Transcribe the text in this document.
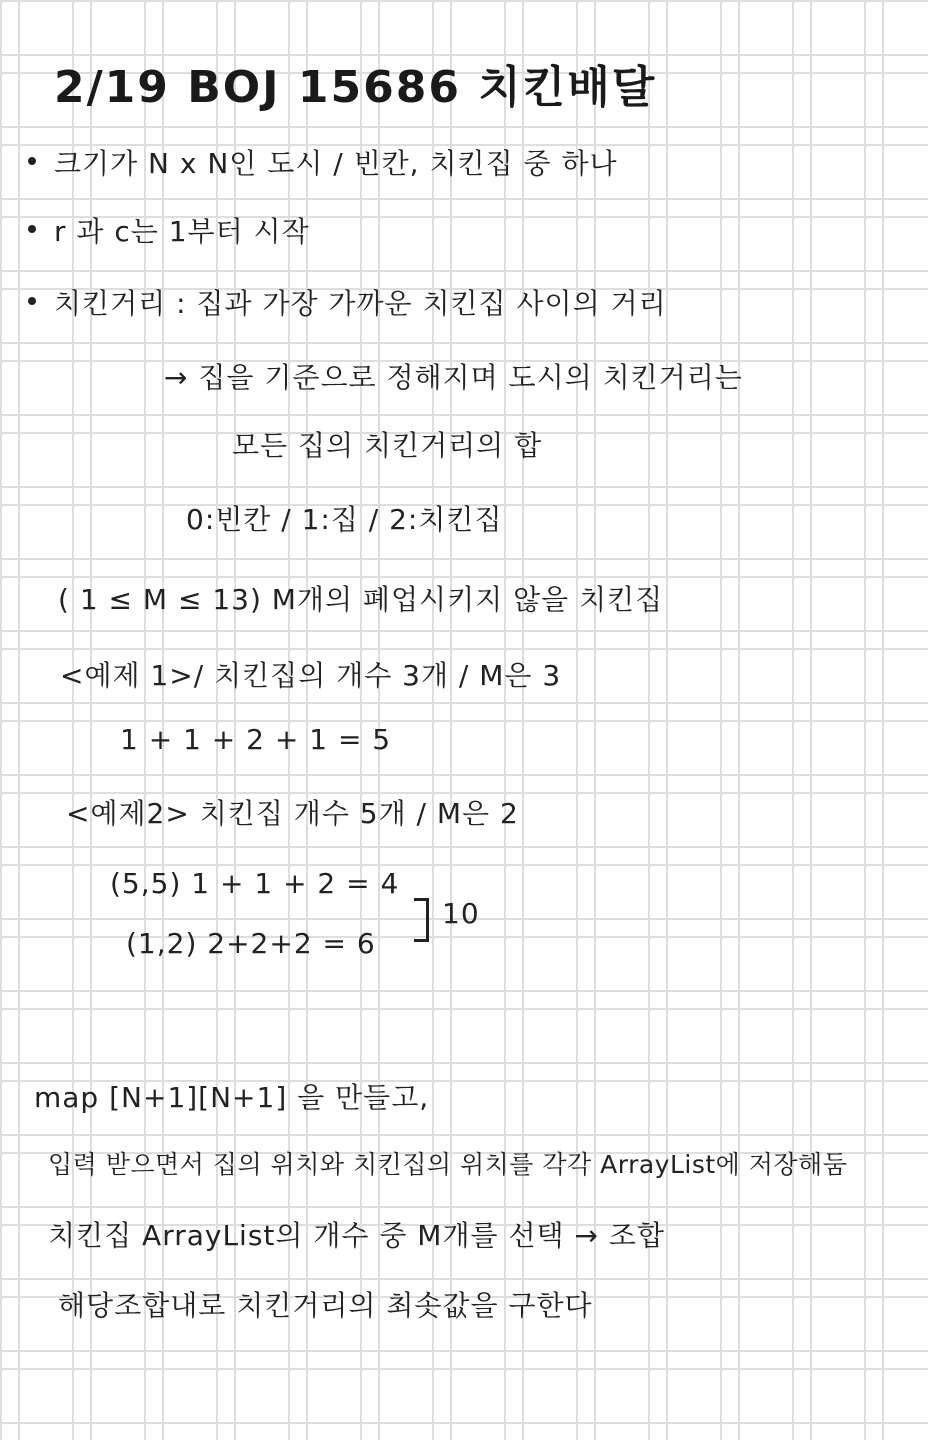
2/19 BOJ 15686 치킨배달
크기가 N x N인 도시 / 빈칸, 치킨집 중 하나
r 과 c는 1부터 시작
치킨거리 : 집과 가장 가까운 치킨집 사이의 거리
→ 집을 기준으로 정해지며 도시의 치킨거리는
모든 집의 치킨거리의 합
0:빈칸 / 1:집 / 2:치킨집
( 1 ≤ M ≤ 13) M개의 폐업시키지 않을 치킨집
<예제 1>/ 치킨집의 개수 3개 / M은 3
1 + 1 + 2 + 1 = 5
<예제2> 치킨집 개수 5개 / M은 2
(5,5) 1 + 1 + 2 = 4
(1,2) 2+2+2 = 6
10
map [N+1][N+1] 을 만들고,
입력 받으면서 집의 위치와 치킨집의 위치를 각각 ArrayList에 저장해둠
치킨집 ArrayList의 개수 중 M개를 선택 → 조합
해당조합내로 치킨거리의 최솟값을 구한다
